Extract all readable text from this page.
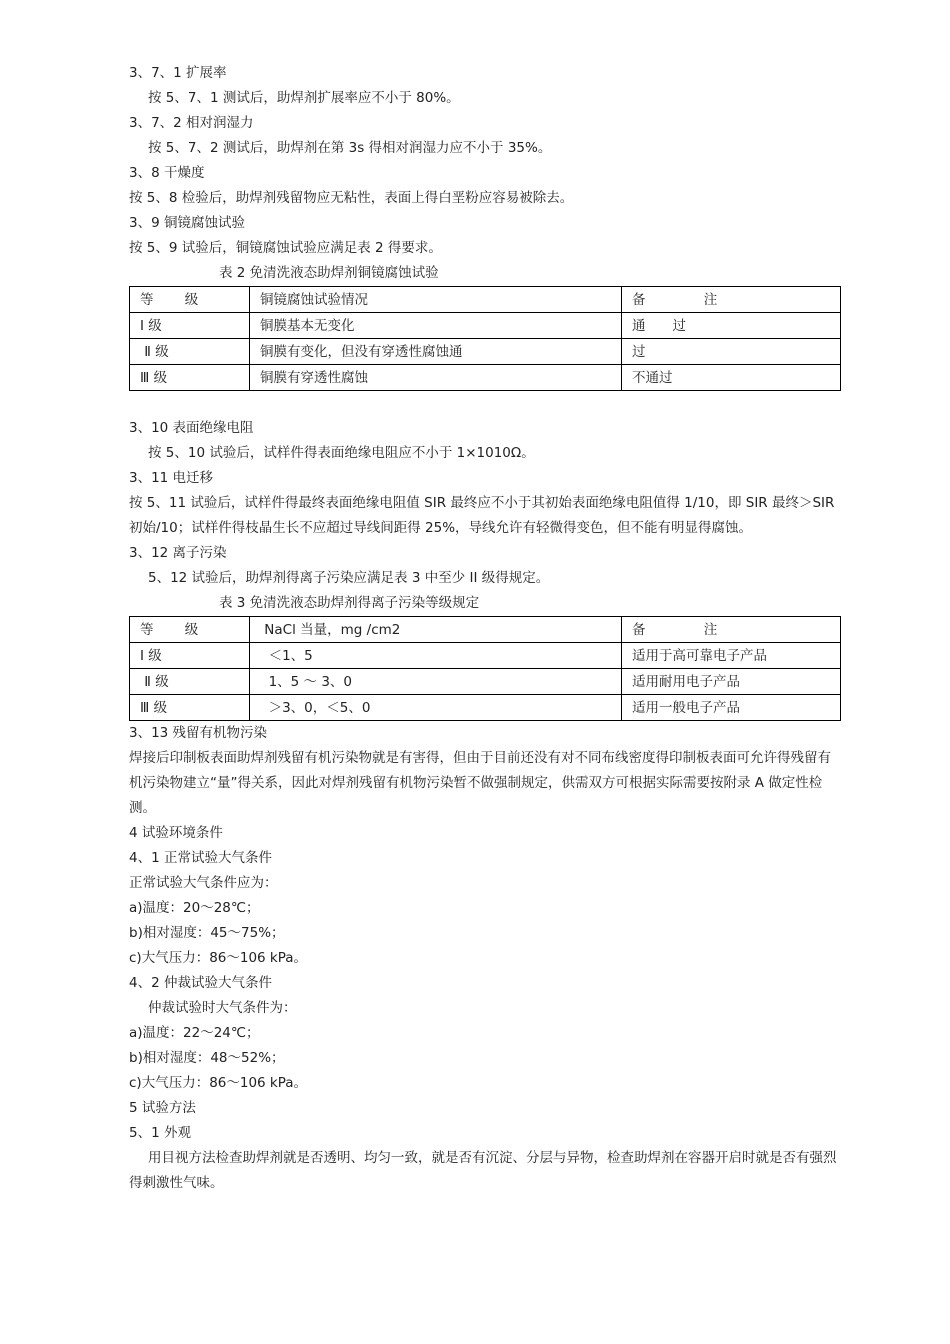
3、7、1 扩展率

按 5、7、1 测试后，助焊剂扩展率应不小于 80%。

3、7、2 相对润湿力

按 5、7、2 测试后，助焊剂在第 3s 得相对润湿力应不小于 35%。

3、8 干燥度

按 5、8 检验后，助焊剂残留物应无粘性，表面上得白垩粉应容易被除去。

3、9 铜镜腐蚀试验

按 5、9 试验后，铜镜腐蚀试验应满足表 2 得要求。

表 2 免清洗液态助焊剂铜镜腐蚀试验

等　　 级	铜镜腐蚀试验情况	备　　　　 注
Ⅰ 级	铜膜基本无变化	通　　过
Ⅱ 级	铜膜有变化，但没有穿透性腐蚀通	过
Ⅲ 级	铜膜有穿透性腐蚀	不通过

3、10 表面绝缘电阻

按 5、10 试验后，试样件得表面绝缘电阻应不小于 1×1010Ω。

3、11 电迁移

按 5、11 试验后，试样件得最终表面绝缘电阻值 SIR 最终应不小于其初始表面绝缘电阻值得 1/10，即 SIR 最终＞SIR 初始/10；试样件得枝晶生长不应超过导线间距得 25%，导线允许有轻微得变色，但不能有明显得腐蚀。

3、12 离子污染

5、12 试验后，助焊剂得离子污染应满足表 3 中至少 II 级得规定。

表 3 免清洗液态助焊剂得离子污染等级规定

等　　 级	NaCl 当量，mg /cm2	备　　　　 注
Ⅰ 级	＜1、5	适用于高可靠电子产品
Ⅱ 级	1、5 ～ 3、0	适用耐用电子产品
Ⅲ 级	＞3、0，＜5、0	适用一般电子产品

3、13 残留有机物污染

焊接后印制板表面助焊剂残留有机污染物就是有害得，但由于目前还没有对不同布线密度得印制板表面可允许得残留有机污染物建立“量”得关系，因此对焊剂残留有机物污染暂不做强制规定，供需双方可根据实际需要按附录 A 做定性检测。

4 试验环境条件

4、1 正常试验大气条件

正常试验大气条件应为：

a)温度：20～28℃；

b)相对湿度：45～75%；

c)大气压力：86～106 kPa。

4、2 仲裁试验大气条件

仲裁试验时大气条件为：

a)温度：22～24℃；

b)相对湿度：48～52%；

c)大气压力：86～106 kPa。

5 试验方法

5、1 外观

用目视方法检查助焊剂就是否透明、均匀一致，就是否有沉淀、分层与异物，检查助焊剂在容器开启时就是否有强烈得刺激性气味。
